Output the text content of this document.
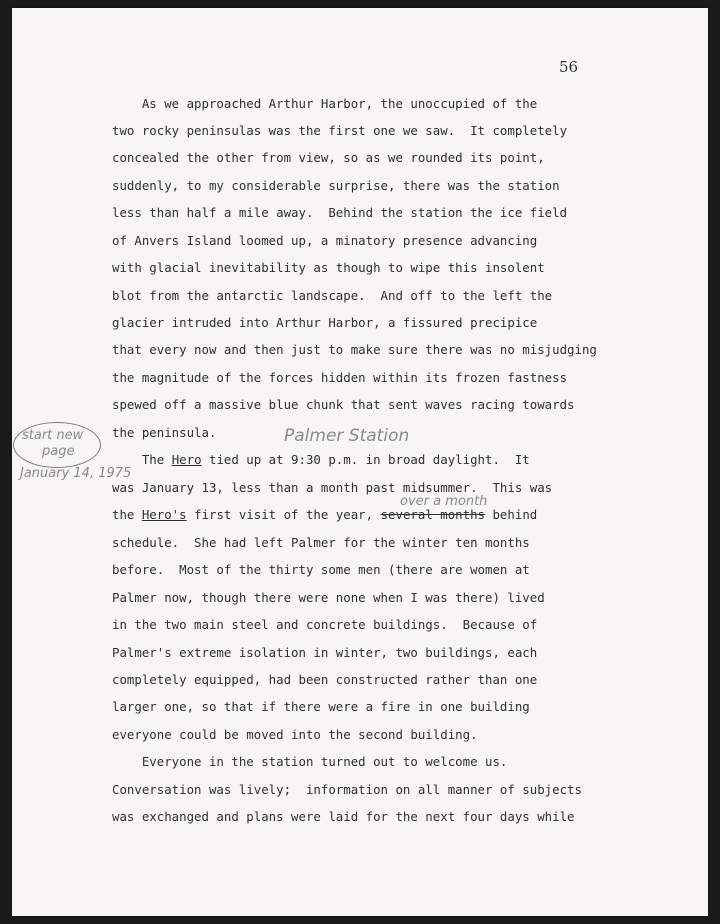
56

As we approached Arthur Harbor, the unoccupied of the

two rocky peninsulas was the first one we saw.  It completely

concealed the other from view, so as we rounded its point,

suddenly, to my considerable surprise, there was the station

less than half a mile away.  Behind the station the ice field

of Anvers Island loomed up, a minatory presence advancing

with glacial inevitability as though to wipe this insolent

blot from the antarctic landscape.  And off to the left the

glacier intruded into Arthur Harbor, a fissured precipice

that every now and then just to make sure there was no misjudging

the magnitude of the forces hidden within its frozen fastness

spewed off a massive blue chunk that sent waves racing towards

the peninsula.

The Hero tied up at 9:30 p.m. in broad daylight.  It

was January 13, less than a month past midsummer.  This was

the Hero's first visit of the year, several months behind

schedule.  She had left Palmer for the winter ten months

before.  Most of the thirty some men (there are women at

Palmer now, though there were none when I was there) lived

in the two main steel and concrete buildings.  Because of

Palmer's extreme isolation in winter, two buildings, each

completely equipped, had been constructed rather than one

larger one, so that if there were a fire in one building

everyone could be moved into the second building.

Everyone in the station turned out to welcome us.

Conversation was lively;  information on all manner of subjects

was exchanged and plans were laid for the next four days while

Palmer Station
over a month
start new
page
January 14, 1975
